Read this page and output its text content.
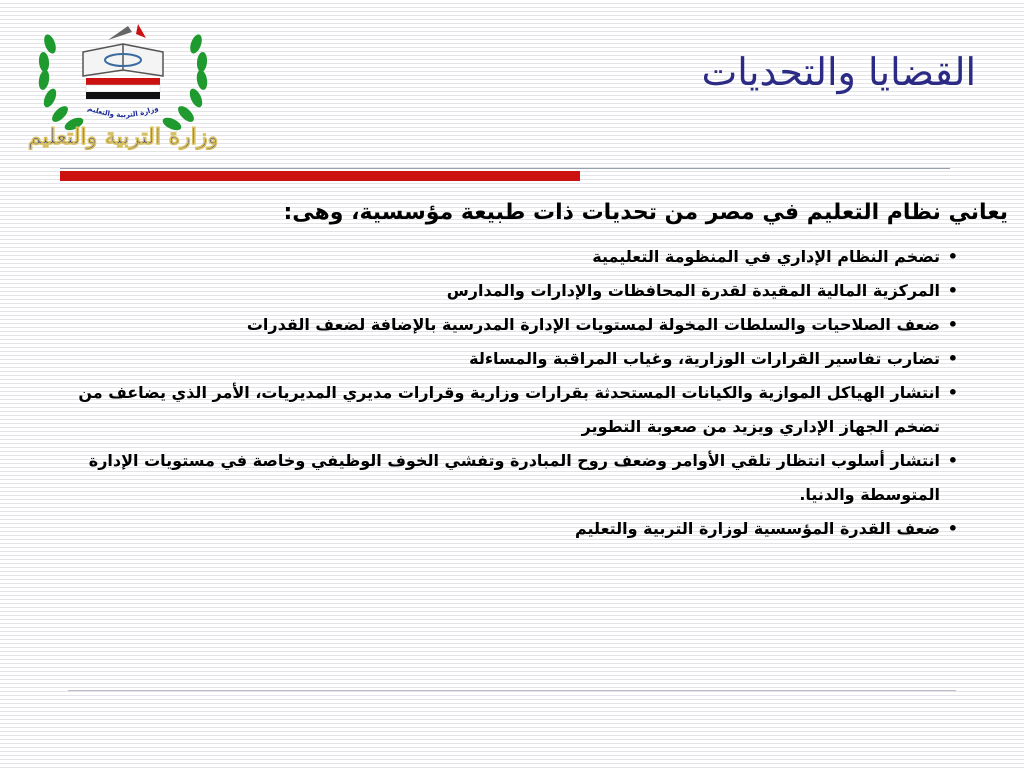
وزارة التربية والتعليم
وزارة التربية والتعليم
القضايا والتحديات

يعاني نظام التعليم في مصر من تحديات ذات طبيعة مؤسسية، وهى:

•
تضخم النظام الإداري في المنظومة التعليمية
•
المركزية المالية المقيدة لقدرة المحافظات والإدارات والمدارس
•
ضعف الصلاحيات والسلطات المخولة لمستويات الإدارة المدرسية بالإضافة لضعف القدرات
•
تضارب تفاسير القرارات الوزارية، وغياب المراقبة والمساءلة
•
انتشار الهياكل الموازية والكيانات المستحدثة بقرارات وزارية وقرارات مديري المديريات، الأمر الذي يضاعف من تضخم الجهاز الإداري ويزيد من صعوبة التطوير
•
انتشار أسلوب انتظار تلقي الأوامر وضعف روح المبادرة وتفشي الخوف الوظيفي وخاصة في مستويات الإدارة المتوسطة والدنيا.
•
ضعف القدرة المؤسسية لوزارة التربية والتعليم
